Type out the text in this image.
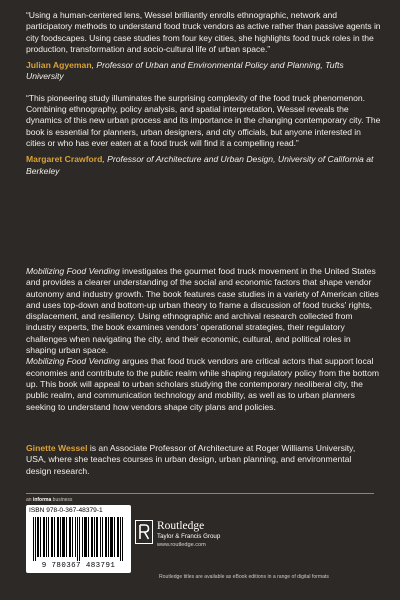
“Using a human-centered lens, Wessel brilliantly enrolls ethnographic, network and participatory methods to understand food truck vendors as active rather than passive agents in city foodscapes. Using case studies from four key cities, she highlights food truck roles in the production, transformation and socio-cultural life of urban space.”

Julian Agyeman, Professor of Urban and Environmental Policy and Planning, Tufts University

“This pioneering study illuminates the surprising complexity of the food truck phenomenon. Combining ethnography, policy analysis, and spatial interpretation, Wessel reveals the dynamics of this new urban process and its importance in the changing contemporary city. The book is essential for planners, urban designers, and city officials, but anyone interested in cities or who has ever eaten at a food truck will find it a compelling read.”

Margaret Crawford, Professor of Architecture and Urban Design, University of California at Berkeley

Mobilizing Food Vending investigates the gourmet food truck movement in the United States and provides a clearer understanding of the social and economic factors that shape vendor autonomy and industry growth. The book features case studies in a variety of American cities and uses top-down and bottom-up urban theory to frame a discussion of food trucks’ rights, displacement, and resiliency. Using ethnographic and archival research collected from industry experts, the book examines vendors’ operational strategies, their regulatory challenges when navigating the city, and their economic, cultural, and political roles in shaping urban space.

Mobilizing Food Vending argues that food truck vendors are critical actors that support local economies and contribute to the public realm while shaping regulatory policy from the bottom up. This book will appeal to urban scholars studying the contemporary neoliberal city, the public realm, and communication technology and mobility, as well as to urban planners seeking to understand how vendors shape city plans and policies.

Ginette Wessel is an Associate Professor of Architecture at Roger Williams University, USA, where she teaches courses in urban design, urban planning, and environmental design research.
an informa business
ISBN 978-0-367-48379-1
9 780367 483791
Routledge
Taylor & Francis Group
www.routledge.com
Routledge titles are available as eBook editions in a range of digital formats
